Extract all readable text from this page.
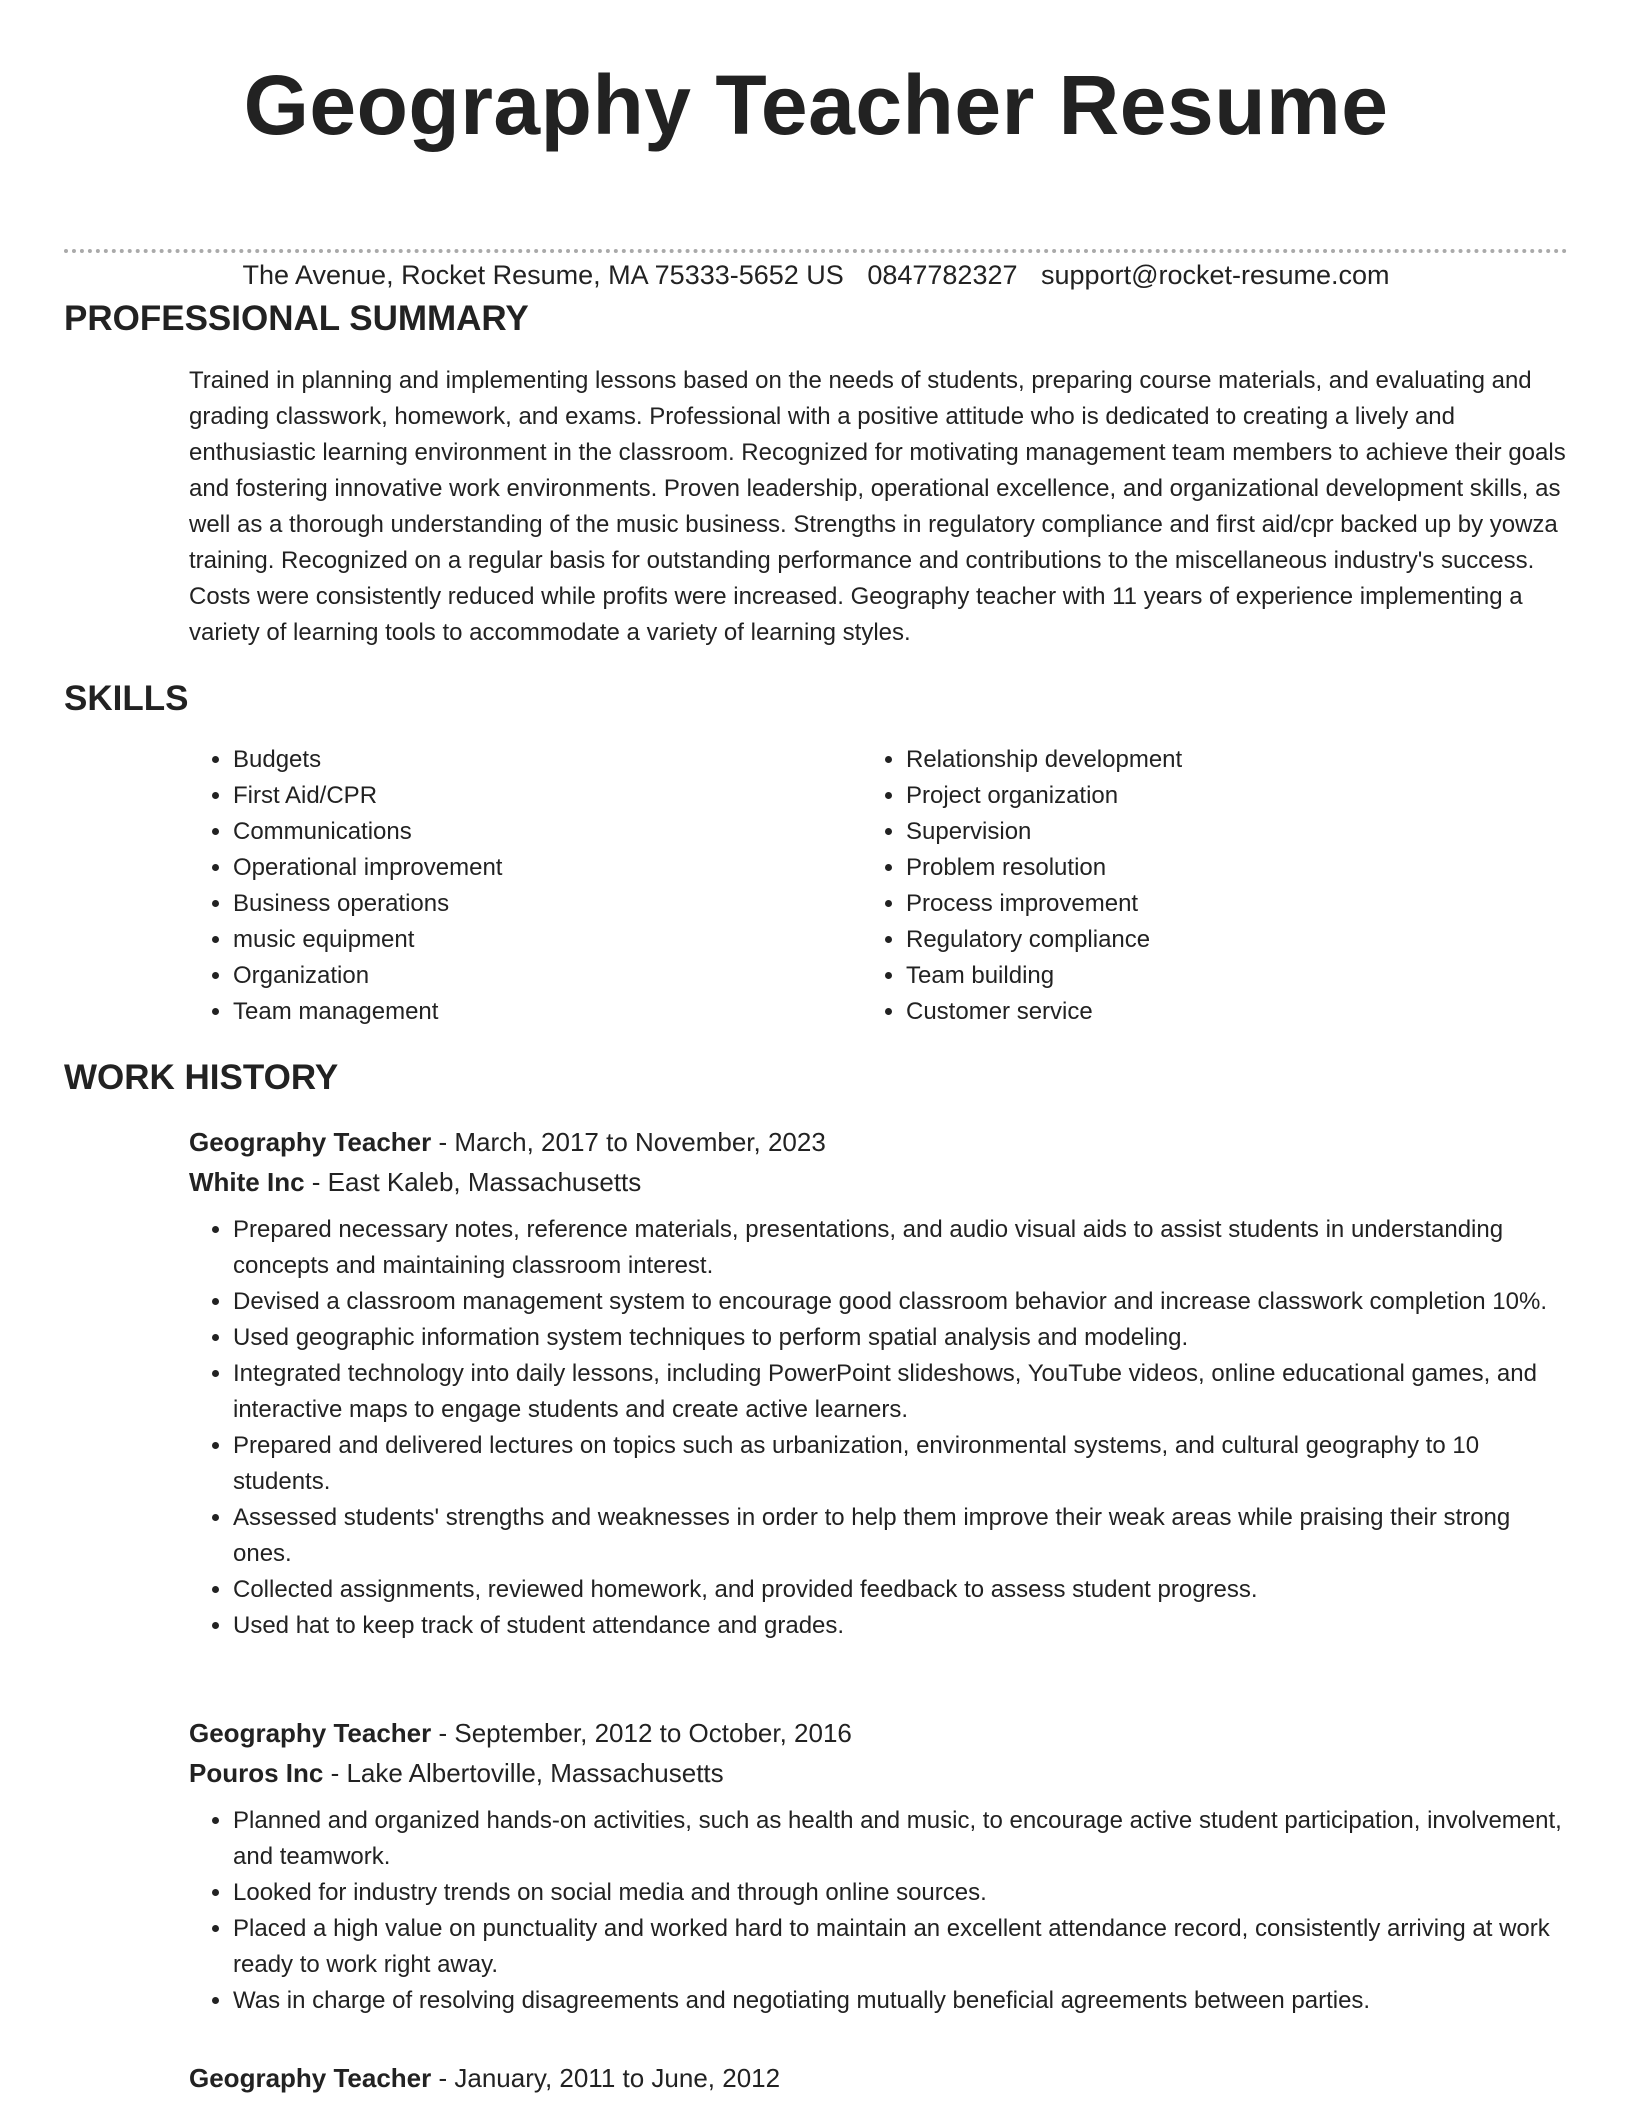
Geography Teacher Resume
The Avenue, Rocket Resume, MA 75333-5652 US 0847782327 support@rocket-resume.com
PROFESSIONAL SUMMARY

Trained in planning and implementing lessons based on the needs of students, preparing course materials, and evaluating and grading classwork, homework, and exams. Professional with a positive attitude who is dedicated to creating a lively and enthusiastic learning environment in the classroom. Recognized for motivating management team members to achieve their goals and fostering innovative work environments. Proven leadership, operational excellence, and organizational development skills, as well as a thorough understanding of the music business. Strengths in regulatory compliance and first aid/cpr backed up by yowza training. Recognized on a regular basis for outstanding performance and contributions to the miscellaneous industry's success. Costs were consistently reduced while profits were increased. Geography teacher with 11 years of experience implementing a variety of learning tools to accommodate a variety of learning styles.

SKILLS
• Budgets
• First Aid/CPR
• Communications
• Operational improvement
• Business operations
• music equipment
• Organization
• Team management
• Relationship development
• Project organization
• Supervision
• Problem resolution
• Process improvement
• Regulatory compliance
• Team building
• Customer service
WORK HISTORY

Geography Teacher - March, 2017 to November, 2023

White Inc - East Kaleb, Massachusetts

• Prepared necessary notes, reference materials, presentations, and audio visual aids to assist students in understanding concepts and maintaining classroom interest.
• Devised a classroom management system to encourage good classroom behavior and increase classwork completion 10%.
• Used geographic information system techniques to perform spatial analysis and modeling.
• Integrated technology into daily lessons, including PowerPoint slideshows, YouTube videos, online educational games, and interactive maps to engage students and create active learners.
• Prepared and delivered lectures on topics such as urbanization, environmental systems, and cultural geography to 10 students.
• Assessed students' strengths and weaknesses in order to help them improve their weak areas while praising their strong ones.
• Collected assignments, reviewed homework, and provided feedback to assess student progress.
• Used hat to keep track of student attendance and grades.

Geography Teacher - September, 2012 to October, 2016

Pouros Inc - Lake Albertoville, Massachusetts

• Planned and organized hands-on activities, such as health and music, to encourage active student participation, involvement, and teamwork.
• Looked for industry trends on social media and through online sources.
• Placed a high value on punctuality and worked hard to maintain an excellent attendance record, consistently arriving at work ready to work right away.
• Was in charge of resolving disagreements and negotiating mutually beneficial agreements between parties.

Geography Teacher - January, 2011 to June, 2012
